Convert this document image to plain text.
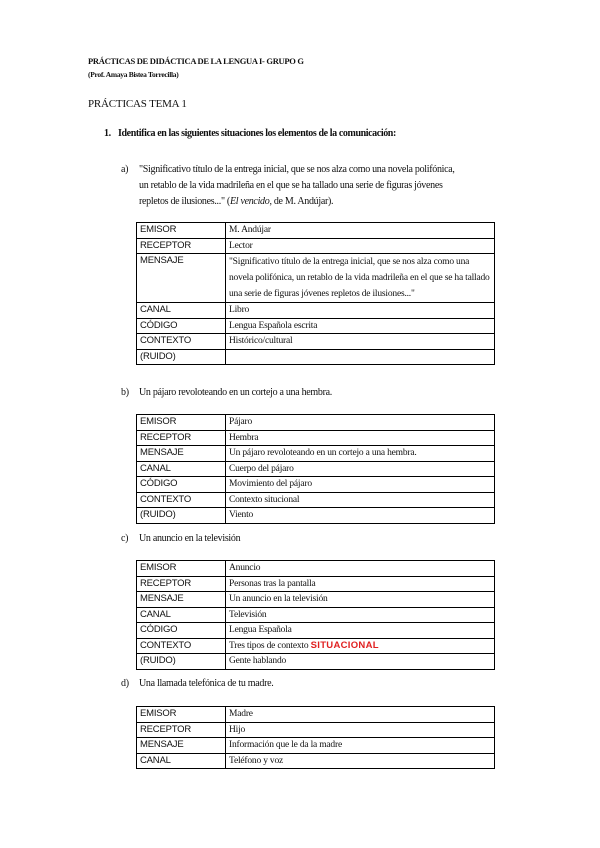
PRÁCTICAS DE DIDÁCTICA DE LA LENGUA I- GRUPO G
(Prof. Amaya Bistea Torrecilla)
PRÁCTICAS TEMA 1
1. Identifica en las siguientes situaciones los elementos de la comunicación:
a) "Significativo título de la entrega inicial, que se nos alza como una novela polifónica,
un retablo de la vida madrileña en el que se ha tallado una serie de figuras jóvenes
repletos de ilusiones..." (El vencido, de M. Andújar).
EMISOR	M. Andújar
RECEPTOR	Lector
MENSAJE	"Significativo título de la entrega inicial, que se nos alza como una novela polifónica, un retablo de la vida madrileña en el que se ha tallado una serie de figuras jóvenes repletos de ilusiones..."
CANAL	Libro
CÓDIGO	Lengua Española escrita
CONTEXTO	Histórico/cultural
(RUIDO)	
b) Un pájaro revoloteando en un cortejo a una hembra.
EMISOR	Pájaro
RECEPTOR	Hembra
MENSAJE	Un pájaro revoloteando en un cortejo a una hembra.
CANAL	Cuerpo del pájaro
CÓDIGO	Movimiento del pájaro
CONTEXTO	Contexto situcional
(RUIDO)	Viento
c) Un anuncio en la televisión
EMISOR	Anuncio
RECEPTOR	Personas tras la pantalla
MENSAJE	Un anuncio en la televisión
CANAL	Televisión
CÓDIGO	Lengua Española
CONTEXTO	Tres tipos de contexto SITUACIONAL
(RUIDO)	Gente hablando
d) Una llamada telefónica de tu madre.
EMISOR	Madre
RECEPTOR	Hijo
MENSAJE	Información que le da la madre
CANAL	Teléfono y voz
